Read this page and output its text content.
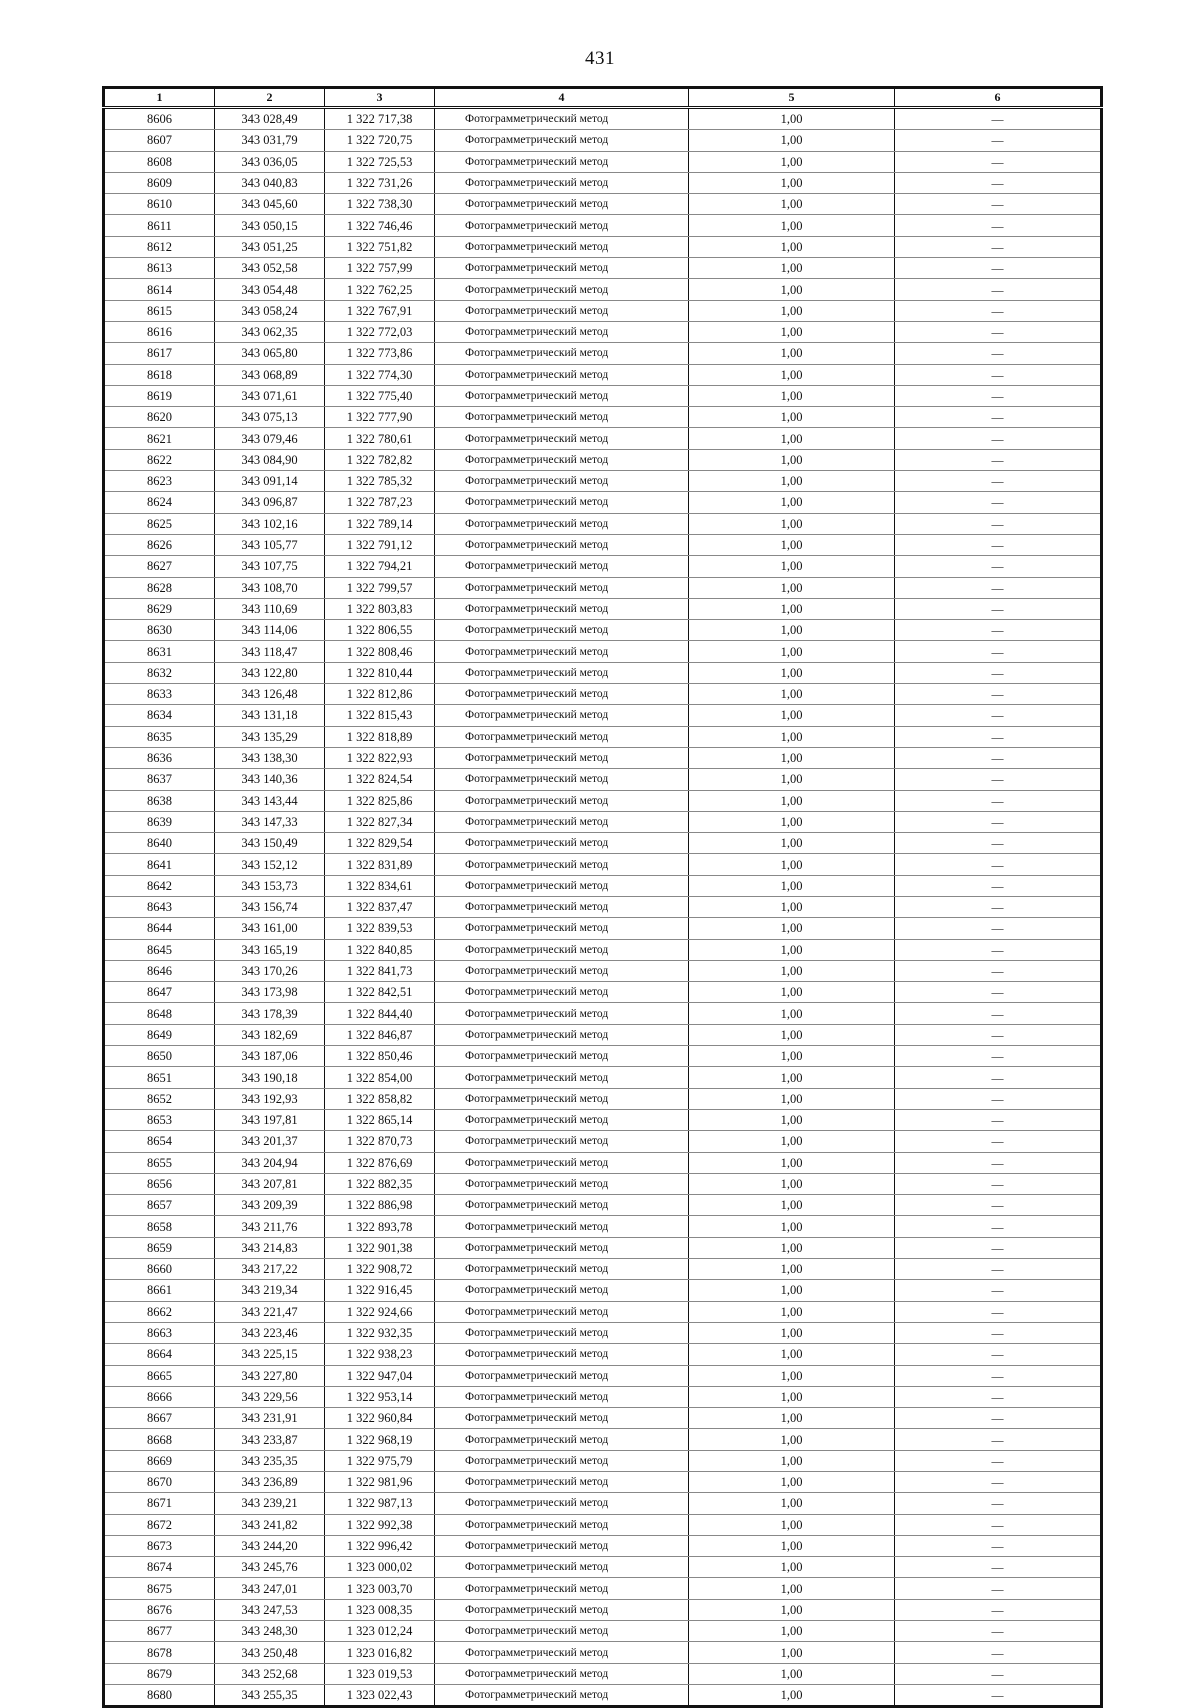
431
1	2	3	4	5	6
8606	343 028,49	1 322 717,38	Фотограмметрический метод	1,00	—
8607	343 031,79	1 322 720,75	Фотограмметрический метод	1,00	—
8608	343 036,05	1 322 725,53	Фотограмметрический метод	1,00	—
8609	343 040,83	1 322 731,26	Фотограмметрический метод	1,00	—
8610	343 045,60	1 322 738,30	Фотограмметрический метод	1,00	—
8611	343 050,15	1 322 746,46	Фотограмметрический метод	1,00	—
8612	343 051,25	1 322 751,82	Фотограмметрический метод	1,00	—
8613	343 052,58	1 322 757,99	Фотограмметрический метод	1,00	—
8614	343 054,48	1 322 762,25	Фотограмметрический метод	1,00	—
8615	343 058,24	1 322 767,91	Фотограмметрический метод	1,00	—
8616	343 062,35	1 322 772,03	Фотограмметрический метод	1,00	—
8617	343 065,80	1 322 773,86	Фотограмметрический метод	1,00	—
8618	343 068,89	1 322 774,30	Фотограмметрический метод	1,00	—
8619	343 071,61	1 322 775,40	Фотограмметрический метод	1,00	—
8620	343 075,13	1 322 777,90	Фотограмметрический метод	1,00	—
8621	343 079,46	1 322 780,61	Фотограмметрический метод	1,00	—
8622	343 084,90	1 322 782,82	Фотограмметрический метод	1,00	—
8623	343 091,14	1 322 785,32	Фотограмметрический метод	1,00	—
8624	343 096,87	1 322 787,23	Фотограмметрический метод	1,00	—
8625	343 102,16	1 322 789,14	Фотограмметрический метод	1,00	—
8626	343 105,77	1 322 791,12	Фотограмметрический метод	1,00	—
8627	343 107,75	1 322 794,21	Фотограмметрический метод	1,00	—
8628	343 108,70	1 322 799,57	Фотограмметрический метод	1,00	—
8629	343 110,69	1 322 803,83	Фотограмметрический метод	1,00	—
8630	343 114,06	1 322 806,55	Фотограмметрический метод	1,00	—
8631	343 118,47	1 322 808,46	Фотограмметрический метод	1,00	—
8632	343 122,80	1 322 810,44	Фотограмметрический метод	1,00	—
8633	343 126,48	1 322 812,86	Фотограмметрический метод	1,00	—
8634	343 131,18	1 322 815,43	Фотограмметрический метод	1,00	—
8635	343 135,29	1 322 818,89	Фотограмметрический метод	1,00	—
8636	343 138,30	1 322 822,93	Фотограмметрический метод	1,00	—
8637	343 140,36	1 322 824,54	Фотограмметрический метод	1,00	—
8638	343 143,44	1 322 825,86	Фотограмметрический метод	1,00	—
8639	343 147,33	1 322 827,34	Фотограмметрический метод	1,00	—
8640	343 150,49	1 322 829,54	Фотограмметрический метод	1,00	—
8641	343 152,12	1 322 831,89	Фотограмметрический метод	1,00	—
8642	343 153,73	1 322 834,61	Фотограмметрический метод	1,00	—
8643	343 156,74	1 322 837,47	Фотограмметрический метод	1,00	—
8644	343 161,00	1 322 839,53	Фотограмметрический метод	1,00	—
8645	343 165,19	1 322 840,85	Фотограмметрический метод	1,00	—
8646	343 170,26	1 322 841,73	Фотограмметрический метод	1,00	—
8647	343 173,98	1 322 842,51	Фотограмметрический метод	1,00	—
8648	343 178,39	1 322 844,40	Фотограмметрический метод	1,00	—
8649	343 182,69	1 322 846,87	Фотограмметрический метод	1,00	—
8650	343 187,06	1 322 850,46	Фотограмметрический метод	1,00	—
8651	343 190,18	1 322 854,00	Фотограмметрический метод	1,00	—
8652	343 192,93	1 322 858,82	Фотограмметрический метод	1,00	—
8653	343 197,81	1 322 865,14	Фотограмметрический метод	1,00	—
8654	343 201,37	1 322 870,73	Фотограмметрический метод	1,00	—
8655	343 204,94	1 322 876,69	Фотограмметрический метод	1,00	—
8656	343 207,81	1 322 882,35	Фотограмметрический метод	1,00	—
8657	343 209,39	1 322 886,98	Фотограмметрический метод	1,00	—
8658	343 211,76	1 322 893,78	Фотограмметрический метод	1,00	—
8659	343 214,83	1 322 901,38	Фотограмметрический метод	1,00	—
8660	343 217,22	1 322 908,72	Фотограмметрический метод	1,00	—
8661	343 219,34	1 322 916,45	Фотограмметрический метод	1,00	—
8662	343 221,47	1 322 924,66	Фотограмметрический метод	1,00	—
8663	343 223,46	1 322 932,35	Фотограмметрический метод	1,00	—
8664	343 225,15	1 322 938,23	Фотограмметрический метод	1,00	—
8665	343 227,80	1 322 947,04	Фотограмметрический метод	1,00	—
8666	343 229,56	1 322 953,14	Фотограмметрический метод	1,00	—
8667	343 231,91	1 322 960,84	Фотограмметрический метод	1,00	—
8668	343 233,87	1 322 968,19	Фотограмметрический метод	1,00	—
8669	343 235,35	1 322 975,79	Фотограмметрический метод	1,00	—
8670	343 236,89	1 322 981,96	Фотограмметрический метод	1,00	—
8671	343 239,21	1 322 987,13	Фотограмметрический метод	1,00	—
8672	343 241,82	1 322 992,38	Фотограмметрический метод	1,00	—
8673	343 244,20	1 322 996,42	Фотограмметрический метод	1,00	—
8674	343 245,76	1 323 000,02	Фотограмметрический метод	1,00	—
8675	343 247,01	1 323 003,70	Фотограмметрический метод	1,00	—
8676	343 247,53	1 323 008,35	Фотограмметрический метод	1,00	—
8677	343 248,30	1 323 012,24	Фотограмметрический метод	1,00	—
8678	343 250,48	1 323 016,82	Фотограмметрический метод	1,00	—
8679	343 252,68	1 323 019,53	Фотограмметрический метод	1,00	—
8680	343 255,35	1 323 022,43	Фотограмметрический метод	1,00	—
